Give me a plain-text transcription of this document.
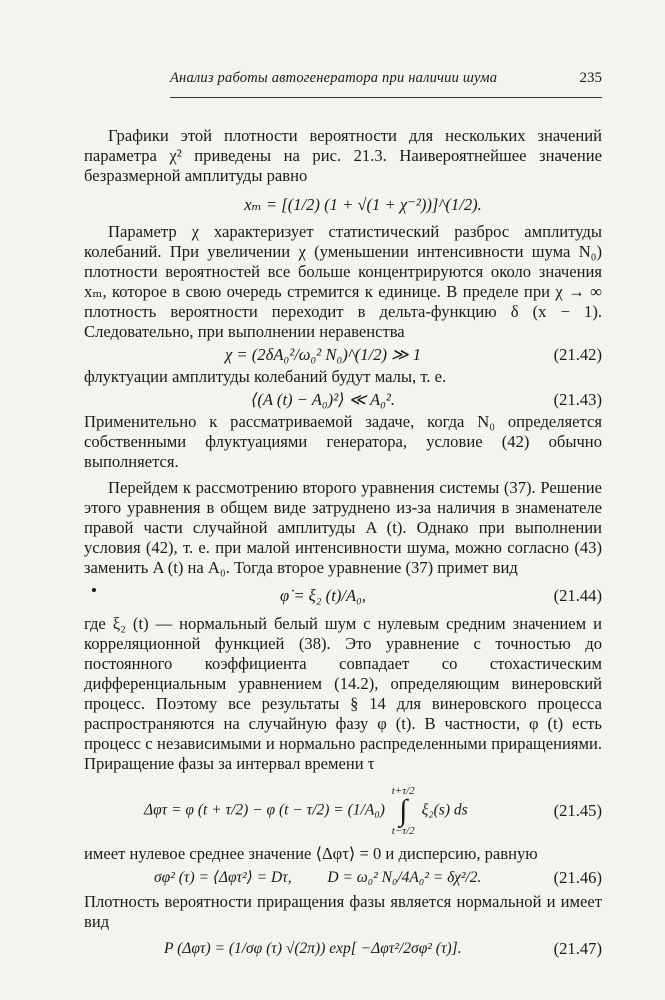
Анализ работы автогенератора при наличии шума	235

Графики этой плотности вероятности для нескольких значений параметра χ² приведены на рис. 21.3. Наивероятнейшее значение безразмерной амплитуды равно

xₘ = [(1/2) (1 + √(1 + χ⁻²))]^(1/2).

Параметр χ характеризует статистический разброс амплитуды колебаний. При увеличении χ (уменьшении интенсивности шума N₀) плотности вероятностей все больше концентрируются около значения xₘ, которое в свою очередь стремится к единице. В пределе при χ → ∞ плотность вероятности переходит в дельта-функцию δ (x − 1). Следовательно, при выполнении неравенства

χ = (2δA₀²/ω₀² N₀)^(1/2) ≫ 1	(21.42)

флуктуации амплитуды колебаний будут малы, т. е.

⟨(A (t) − A₀)²⟩ ≪ A₀².	(21.43)

Применительно к рассматриваемой задаче, когда N₀ определяется собственными флуктуациями генератора, условие (42) обычно выполняется.

Перейдем к рассмотрению второго уравнения системы (37). Решение этого уравнения в общем виде затруднено из-за наличия в знаменателе правой части случайной амплитуды A (t). Однако при выполнении условия (42), т. е. при малой интенсивности шума, можно согласно (43) заменить A (t) на A₀. Тогда второе уравнение (37) примет вид

φ̇ = ξ₂ (t)/A₀,	(21.44)

где ξ₂ (t) — нормальный белый шум с нулевым средним значением и корреляционной функцией (38). Это уравнение с точностью до постоянного коэффициента совпадает со стохастическим дифференциальным уравнением (14.2), определяющим винеровский процесс. Поэтому все результаты § 14 для винеровского процесса распространяются на случайную фазу φ (t). В частности, φ (t) есть процесс с независимыми и нормально распределенными приращениями. Приращение фазы за интервал времени τ

Δφτ = φ (t + τ/2) − φ (t − τ/2) = (1/A₀)
t+τ/2
∫
t−τ/2
ξ₂(s) ds	(21.45)

имеет нулевое среднее значение ⟨Δφτ⟩ = 0 и дисперсию, равную

σφ² (τ) = ⟨Δφτ²⟩ = Dτ, D = ω₀² N₀/4A₀² = δχ²/2.	(21.46)

Плотность вероятности приращения фазы является нормальной и имеет вид

P (Δφτ) = (1/σφ (τ) √(2π)) exp[ −Δφτ²/2σφ² (τ)].	(21.47)
